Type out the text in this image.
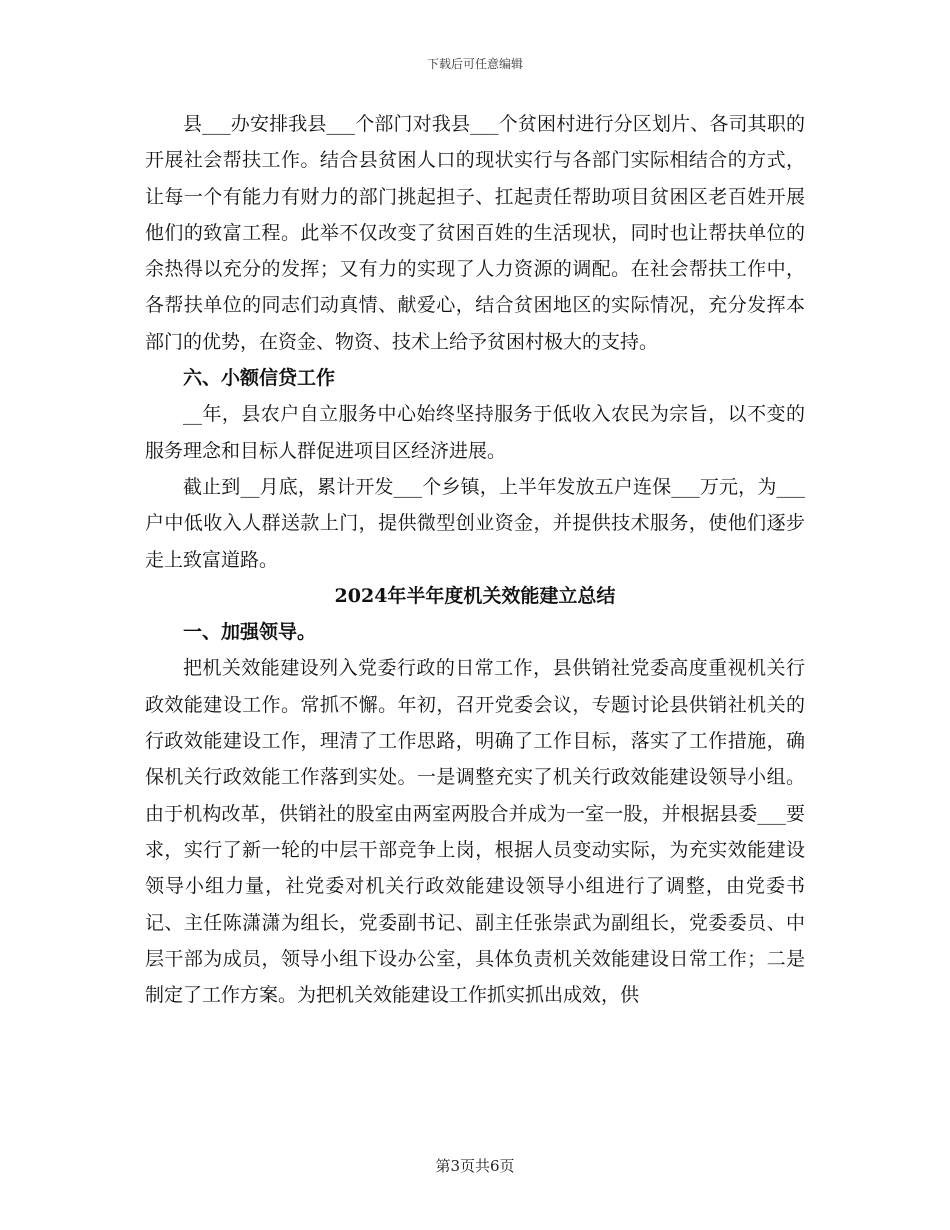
下载后可任意编辑

县___办安排我县___个部门对我县___个贫困村进行分区划片、各司其职的开展社会帮扶工作。结合县贫困人口的现状实行与各部门实际相结合的方式，让每一个有能力有财力的部门挑起担子、扛起责任帮助项目贫困区老百姓开展他们的致富工程。此举不仅改变了贫困百姓的生活现状，同时也让帮扶单位的余热得以充分的发挥；又有力的实现了人力资源的调配。在社会帮扶工作中，各帮扶单位的同志们动真情、献爱心，结合贫困地区的实际情况，充分发挥本部门的优势，在资金、物资、技术上给予贫困村极大的支持。

六、小额信贷工作

__年，县农户自立服务中心始终坚持服务于低收入农民为宗旨，以不变的服务理念和目标人群促进项目区经济进展。

截止到__月底，累计开发___个乡镇，上半年发放五户连保___万元，为___户中低收入人群送款上门，提供微型创业资金，并提供技术服务，使他们逐步走上致富道路。

2024年半年度机关效能建立总结

一、加强领导。

把机关效能建设列入党委行政的日常工作，县供销社党委高度重视机关行政效能建设工作。常抓不懈。年初，召开党委会议，专题讨论县供销社机关的行政效能建设工作，理清了工作思路，明确了工作目标，落实了工作措施，确保机关行政效能工作落到实处。一是调整充实了机关行政效能建设领导小组。由于机构改革，供销社的股室由两室两股合并成为一室一股，并根据县委___要求，实行了新一轮的中层干部竞争上岗，根据人员变动实际，为充实效能建设领导小组力量，社党委对机关行政效能建设领导小组进行了调整，由党委书记、主任陈潇潇为组长，党委副书记、副主任张崇武为副组长，党委委员、中层干部为成员，领导小组下设办公室，具体负责机关效能建设日常工作；二是制定了工作方案。为把机关效能建设工作抓实抓出成效，供

第3页共6页
